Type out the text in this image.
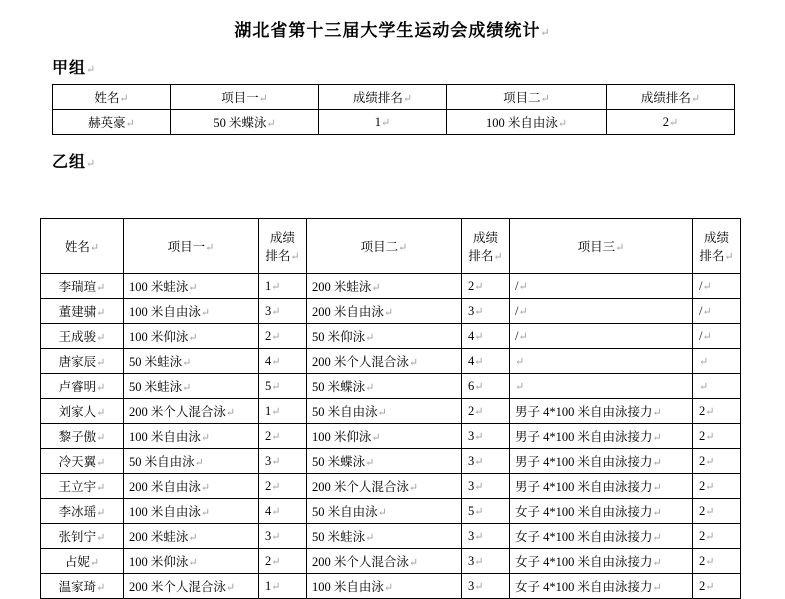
湖北省第十三届大学生运动会成绩统计↵
甲组↵
姓名↵	项目一↵	成绩排名↵	项目二↵	成绩排名↵
赫英豪↵	50 米蝶泳↵	1↵	100 米自由泳↵	2↵
乙组↵
姓名↵	项目一↵	成绩排名↵	项目二↵	成绩排名↵	项目三↵	成绩排名↵
李瑞瑄↵	100 米蛙泳↵	1↵	200 米蛙泳↵	2↵	/↵	/↵
董建骕↵	100 米自由泳↵	3↵	200 米自由泳↵	3↵	/↵	/↵
王成骏↵	100 米仰泳↵	2↵	50 米仰泳↵	4↵	/↵	/↵
唐家辰↵	50 米蛙泳↵	4↵	200 米个人混合泳↵	4↵	↵	↵
卢睿明↵	50 米蛙泳↵	5↵	50 米蝶泳↵	6↵	↵	↵
刘家人↵	200 米个人混合泳↵	1↵	50 米自由泳↵	2↵	男子 4*100 米自由泳接力↵	2↵
黎子傲↵	100 米自由泳↵	2↵	100 米仰泳↵	3↵	男子 4*100 米自由泳接力↵	2↵
冷天翼↵	50 米自由泳↵	3↵	50 米蝶泳↵	3↵	男子 4*100 米自由泳接力↵	2↵
王立宇↵	200 米自由泳↵	2↵	200 米个人混合泳↵	3↵	男子 4*100 米自由泳接力↵	2↵
李冰瑶↵	100 米自由泳↵	4↵	50 米自由泳↵	5↵	女子 4*100 米自由泳接力↵	2↵
张钊宁↵	200 米蛙泳↵	3↵	50 米蛙泳↵	3↵	女子 4*100 米自由泳接力↵	2↵
占妮↵	100 米仰泳↵	2↵	200 米个人混合泳↵	3↵	女子 4*100 米自由泳接力↵	2↵
温家琦↵	200 米个人混合泳↵	1↵	100 米自由泳↵	3↵	女子 4*100 米自由泳接力↵	2↵
